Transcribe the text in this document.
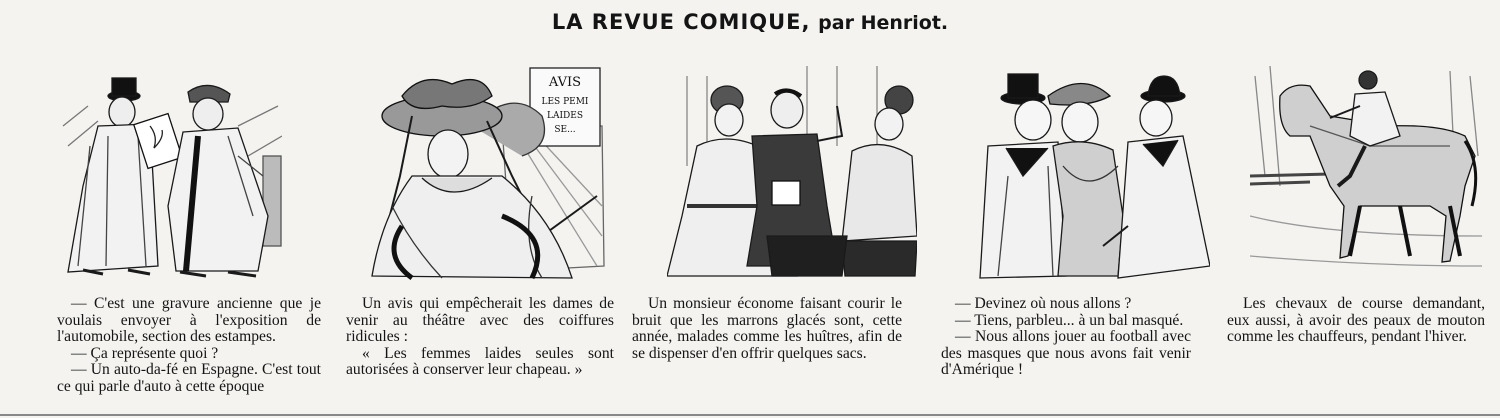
LA REVUE COMIQUE, par Henriot.
AVIS
LES PEMI
LAIDES
SE...

— C'est une gravure ancienne que je voulais envoyer à l'exposition de l'automobile, section des estampes.

— Ça représente quoi ?

— Un auto-da-fé en Espagne. C'est tout ce qui parle d'auto à cette époque

Un avis qui empêcherait les dames de venir au théâtre avec des coiffures ridicules :

« Les femmes laides seules sont autorisées à conserver leur chapeau. »

Un monsieur économe faisant courir le bruit que les marrons glacés sont, cette année, malades comme les huîtres, afin de se dispenser d'en offrir quelques sacs.

— Devinez où nous allons ?

— Tiens, parbleu... à un bal masqué.

— Nous allons jouer au football avec des masques que nous avons fait venir d'Amérique !

Les chevaux de course demandant, eux aussi, à avoir des peaux de mouton comme les chauffeurs, pendant l'hiver.
